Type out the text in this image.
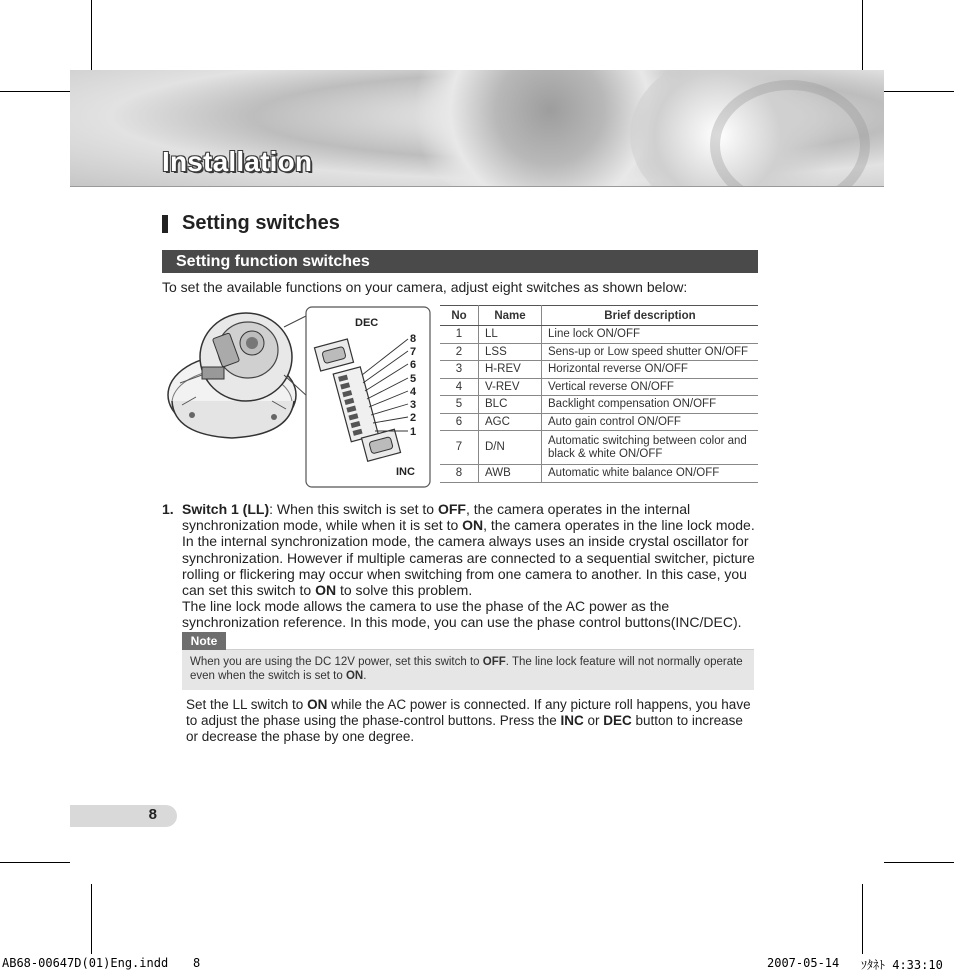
Installation
Setting switches
Setting function switches
To set the available functions on your camera, adjust eight switches as shown below:
DEC
INC
8
7
6
5
4
3
2
1
No	Name	Brief description
1	LL	Line lock ON/OFF
2	LSS	Sens-up or Low speed shutter ON/OFF
3	H-REV	Horizontal reverse ON/OFF
4	V-REV	Vertical reverse ON/OFF
5	BLC	Backlight compensation ON/OFF
6	AGC	Auto gain control ON/OFF
7	D/N	Automatic switching between color and black & white ON/OFF
8	AWB	Automatic white balance ON/OFF
1. Switch 1 (LL): When this switch is set to OFF, the camera operates in the internal synchronization mode, while when it is set to ON, the camera operates in the line lock mode. In the internal synchronization mode, the camera always uses an inside crystal oscillator for synchronization. However if multiple cameras are connected to a sequential switcher, picture rolling or flickering may occur when switching from one camera to another. In this case, you can set this switch to ON to solve this problem.
The line lock mode allows the camera to use the phase of the AC power as the synchronization reference. In this mode, you can use the phase control buttons(INC/DEC).
Note
When you are using the DC 12V power, set this switch to OFF. The line lock feature will not normally operate even when the switch is set to ON.
Set the LL switch to ON while the AC power is connected. If any picture roll happens, you have to adjust the phase using the phase-control buttons. Press the INC or DEC button to increase or decrease the phase by one degree.
8
AB68-00647D(01)Eng.indd 8	2007-05-14 ｿﾀﾈﾄ 4:33:10
